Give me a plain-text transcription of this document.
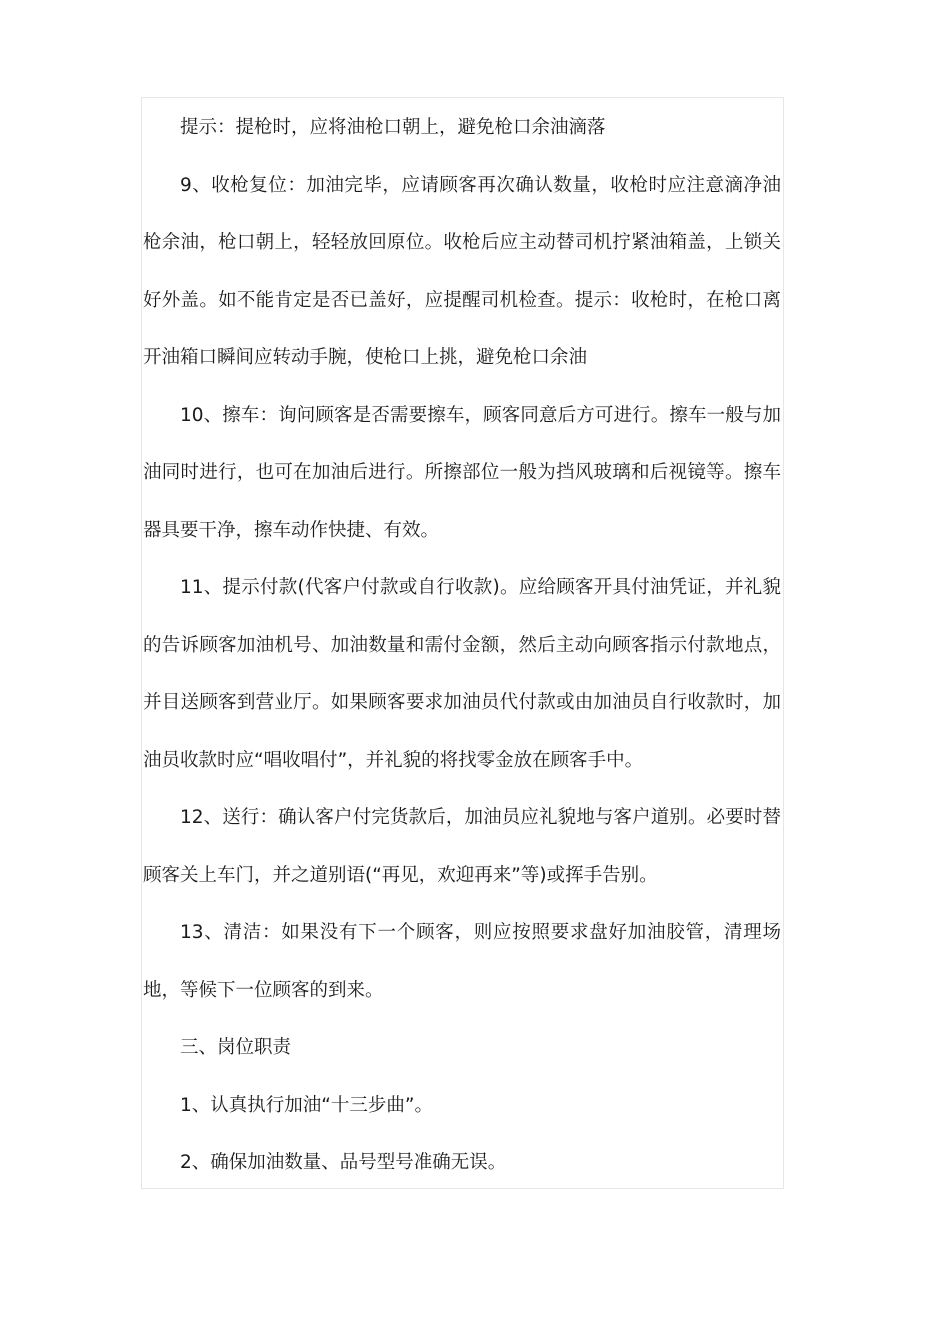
提示：提枪时，应将油枪口朝上，避免枪口余油滴落

9、收枪复位：加油完毕，应请顾客再次确认数量，收枪时应注意滴净油枪余油，枪口朝上，轻轻放回原位。收枪后应主动替司机拧紧油箱盖，上锁关好外盖。如不能肯定是否已盖好，应提醒司机检查。提示：收枪时，在枪口离开油箱口瞬间应转动手腕，使枪口上挑，避免枪口余油

10、擦车：询问顾客是否需要擦车，顾客同意后方可进行。擦车一般与加油同时进行，也可在加油后进行。所擦部位一般为挡风玻璃和后视镜等。擦车器具要干净，擦车动作快捷、有效。

11、提示付款(代客户付款或自行收款)。应给顾客开具付油凭证，并礼貌的告诉顾客加油机号、加油数量和需付金额，然后主动向顾客指示付款地点，并目送顾客到营业厅。如果顾客要求加油员代付款或由加油员自行收款时，加油员收款时应“唱收唱付”，并礼貌的将找零金放在顾客手中。

12、送行：确认客户付完货款后，加油员应礼貌地与客户道别。必要时替顾客关上车门，并之道别语(“再见，欢迎再来”等)或挥手告别。

13、清洁：如果没有下一个顾客，则应按照要求盘好加油胶管，清理场地，等候下一位顾客的到来。

三、岗位职责

1、认真执行加油“十三步曲”。

2、确保加油数量、品号型号准确无误。
